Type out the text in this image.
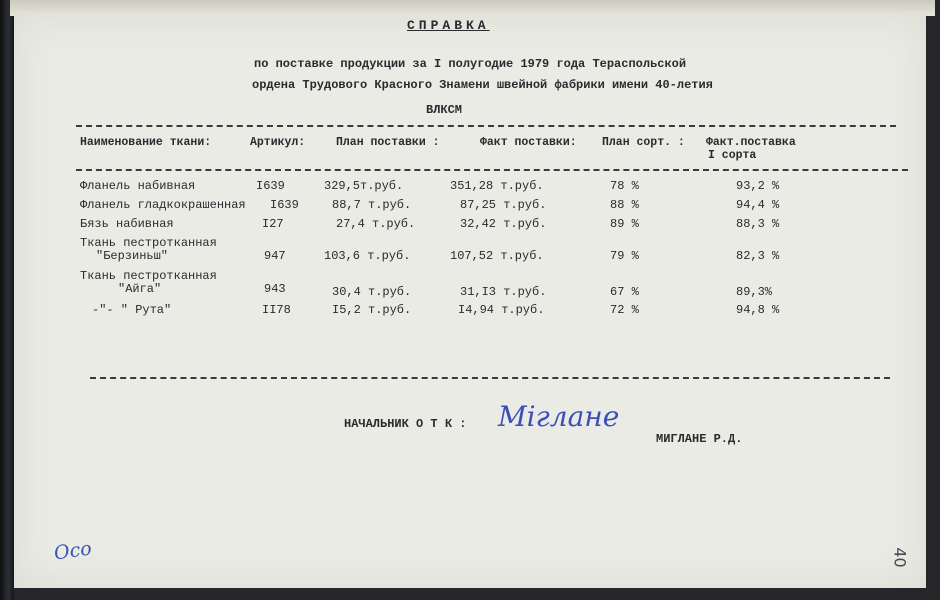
СПРАВКА
по поставке продукции за I полугодие 1979 года Тераспольской
ордена Трудового Красного Знамени швейной фабрики имени 40-летия
ВЛКСМ
Наименование ткани:	Артикул:	План поставки :	Факт поставки: План сорт. : Факт.поставка
I сорта
Фланель набивная	I639	329,5т.руб.	351,28 т.руб.	78 %	93,2 %
Фланель гладкокрашенная I639	88,7 т.руб.	87,25 т.руб.	88 %	94,4 %
Бязь набивная	I27	27,4 т.руб.	32,42 т.руб.	89 %	88,3 %
Ткань пестротканная
"Берзиньш"	947	103,6 т.руб.	107,52 т.руб.	79 %	82,3 %
Ткань пестротканная
"Айга"	943	30,4 т.руб.	31,I3 т.руб.	67 %	89,3%
-"- " Рута"	II78	I5,2 т.руб.	I4,94 т.руб.	72 %	94,8 %
НАЧАЛЬНИК О Т К : Мiглане
МИГЛАНЕ Р.Д.
Осо	40
